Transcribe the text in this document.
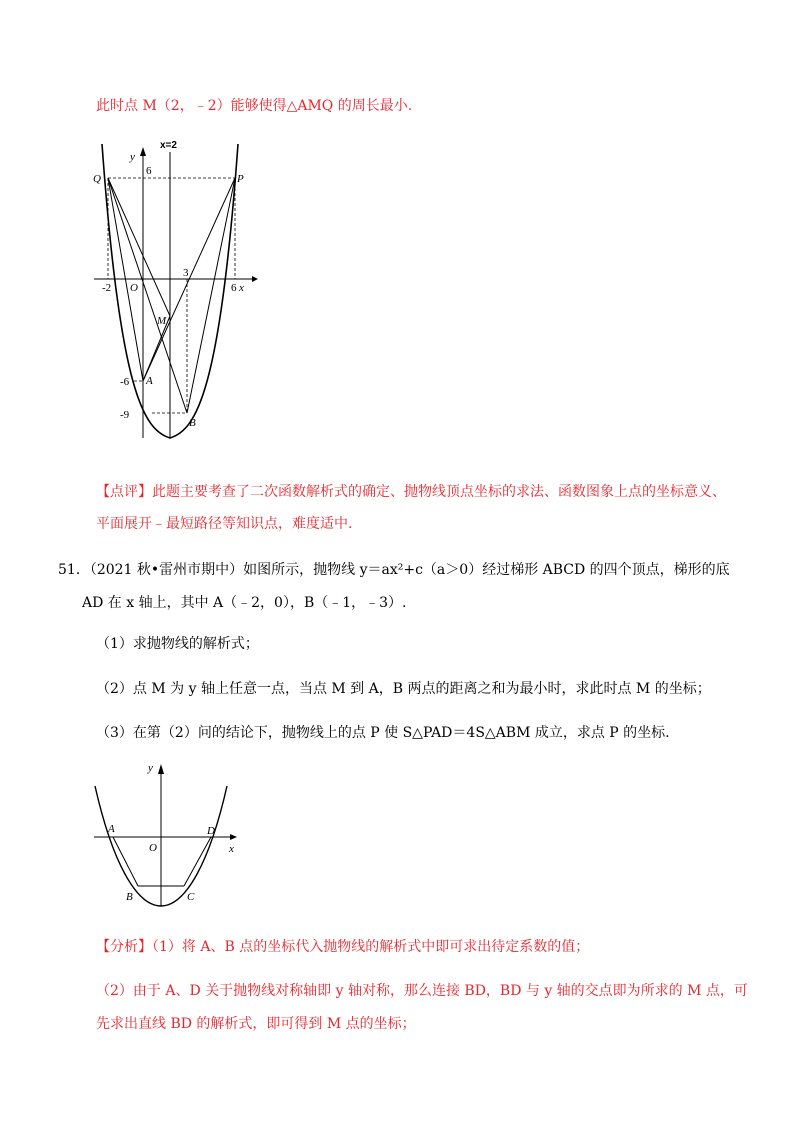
此时点 M（2，﹣2）能够使得△AMQ 的周长最小.
x=2
y
6
Q	P
3
-2 O	6 x
M
-6 A
-9
B
【点评】此题主要考查了二次函数解析式的确定、抛物线顶点坐标的求法、函数图象上点的坐标意义、
平面展开﹣最短路径等知识点，难度适中.
51．（2021 秋•雷州市期中）如图所示，抛物线 y＝ax²+c（a＞0）经过梯形 ABCD 的四个顶点，梯形的底
AD 在 x 轴上，其中 A（﹣2，0），B（﹣1，﹣3）.
（1）求抛物线的解析式；
（2）点 M 为 y 轴上任意一点，当点 M 到 A，B 两点的距离之和为最小时，求此时点 M 的坐标；
（3）在第（2）问的结论下，抛物线上的点 P 使 S△PAD＝4S△ABM 成立，求点 P 的坐标.
y
A	D
O	x
B	C
【分析】（1）将 A、B 点的坐标代入抛物线的解析式中即可求出待定系数的值；
（2）由于 A、D 关于抛物线对称轴即 y 轴对称，那么连接 BD，BD 与 y 轴的交点即为所求的 M 点，可
先求出直线 BD 的解析式，即可得到 M 点的坐标；
